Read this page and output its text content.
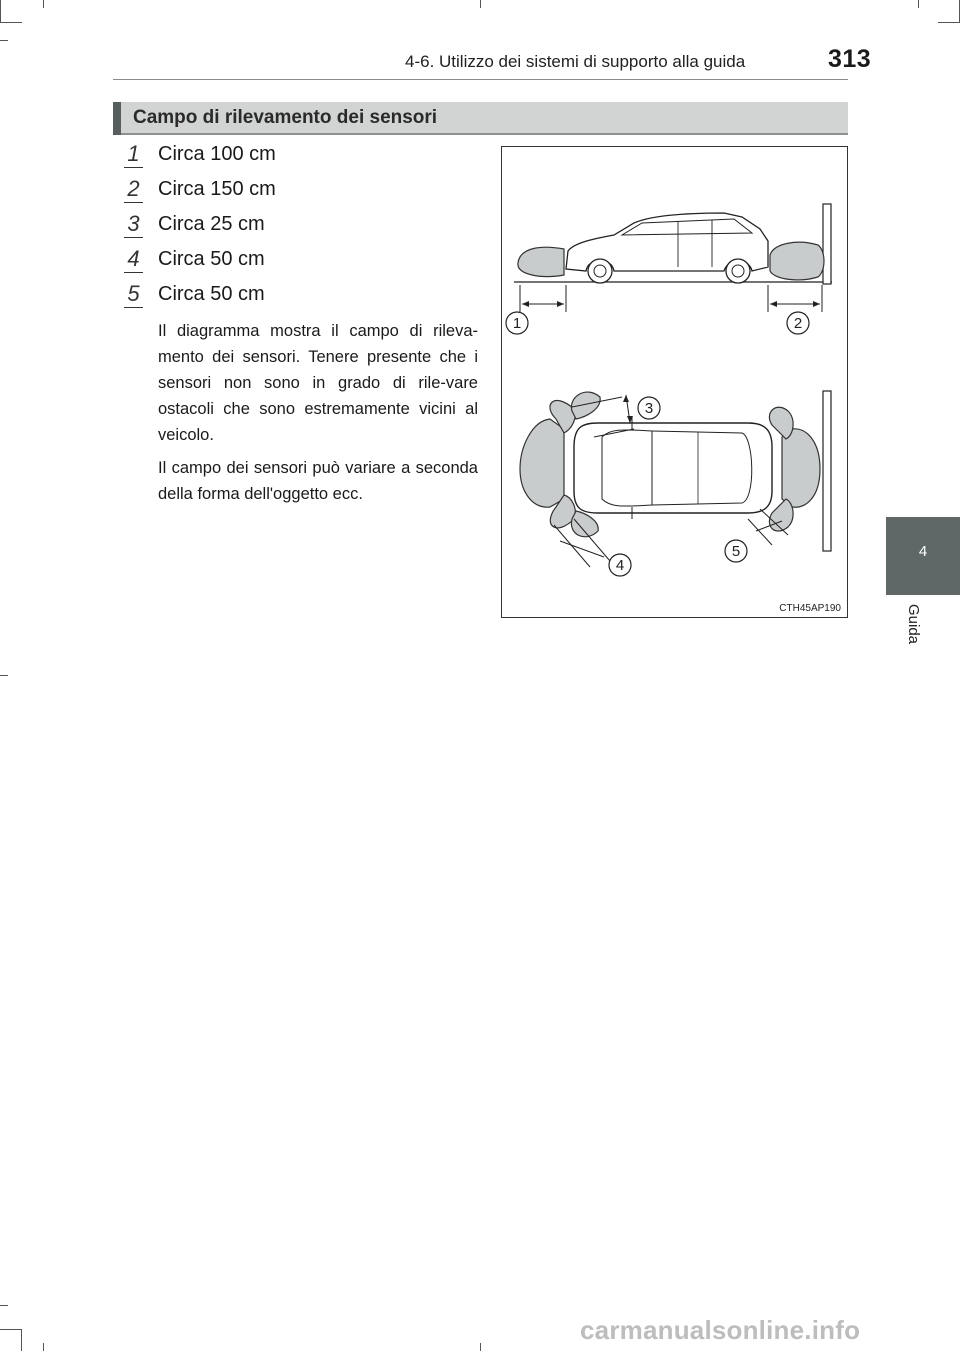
4-6. Utilizzo dei sistemi di supporto alla guida	313
Campo di rilevamento dei sensori
1 Circa 100 cm
2 Circa 150 cm
3 Circa 25 cm
4 Circa 50 cm
5 Circa 50 cm
Il diagramma mostra il campo di rileva-mento dei sensori. Tenere presente che i sensori non sono in grado di rile-vare ostacoli che sono estremamente vicini al veicolo.
Il campo dei sensori può variare a seconda della forma dell'oggetto ecc.
1	2
3
4
5
CTH45AP190
4
Guida
carmanualsonline.info
